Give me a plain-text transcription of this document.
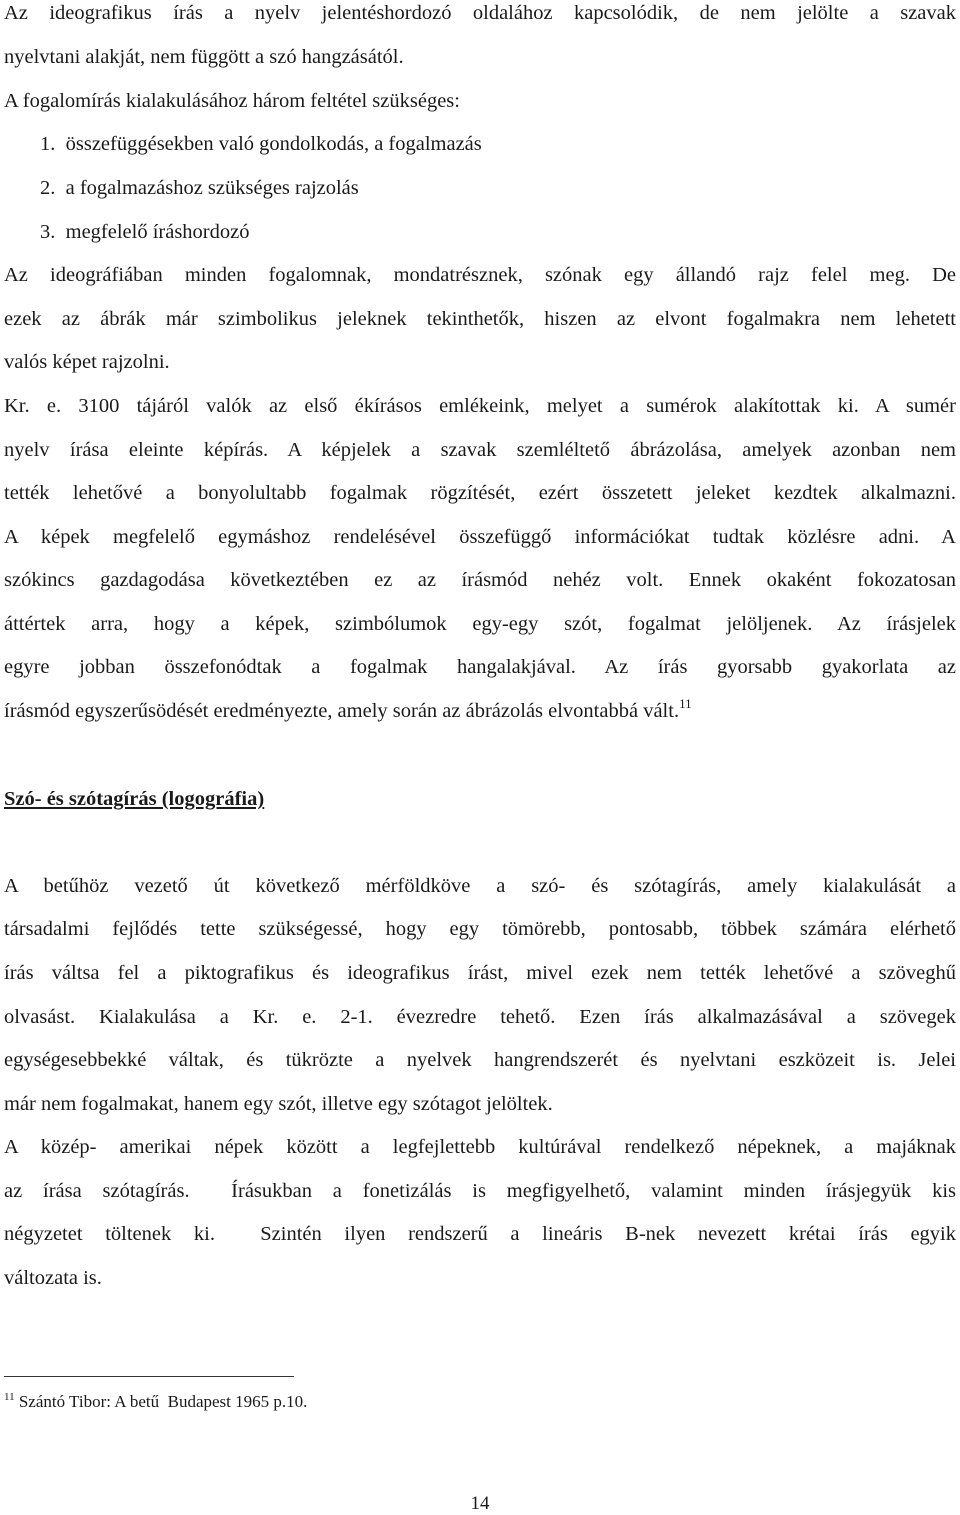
Az ideografikus írás a nyelv jelentéshordozó oldalához kapcsolódik, de nem jelölte a szavak
nyelvtani alakját, nem függött a szó hangzásától.
A fogalomírás kialakulásához három feltétel szükséges:
1.  összefüggésekben való gondolkodás, a fogalmazás
2.  a fogalmazáshoz szükséges rajzolás
3.  megfelelő íráshordozó
Az ideográfiában minden fogalomnak, mondatrésznek, szónak egy állandó rajz felel meg. De
ezek az ábrák már szimbolikus jeleknek tekinthetők, hiszen az elvont fogalmakra nem lehetett
valós képet rajzolni.
Kr. e. 3100 tájáról valók az első ékírásos emlékeink, melyet a sumérok alakítottak ki. A sumér
nyelv írása eleinte képírás. A képjelek a szavak szemléltető ábrázolása, amelyek azonban nem
tették lehetővé a bonyolultabb fogalmak rögzítését, ezért összetett jeleket kezdtek alkalmazni.
A képek megfelelő egymáshoz rendelésével összefüggő információkat tudtak közlésre adni. A
szókincs gazdagodása következtében ez az írásmód nehéz volt. Ennek okaként fokozatosan
áttértek arra, hogy a képek, szimbólumok egy-egy szót, fogalmat jelöljenek. Az írásjelek
egyre jobban összefonódtak a fogalmak hangalakjával. Az írás gyorsabb gyakorlata az
írásmód egyszerűsödését eredményezte, amely során az ábrázolás elvontabbá vált.$^{11}$
Szó- és szótagírás (logográfia)
A betűhöz vezető út következő mérföldköve a szó- és szótagírás, amely kialakulását a
társadalmi fejlődés tette szükségessé, hogy egy tömörebb, pontosabb, többek számára elérhető
írás váltsa fel a piktografikus és ideografikus írást, mivel ezek nem tették lehetővé a szöveghű
olvasást. Kialakulása a Kr. e. 2-1. évezredre tehető. Ezen írás alkalmazásával a szövegek
egységesebbekké váltak, és tükrözte a nyelvek hangrendszerét és nyelvtani eszközeit is. Jelei
már nem fogalmakat, hanem egy szót, illetve egy szótagot jelöltek.
A közép- amerikai népek között a legfejlettebb kultúrával rendelkező népeknek, a majáknak
az írása szótagírás.  Írásukban a fonetizálás is megfigyelhető, valamint minden írásjegyük kis
négyzetet töltenek ki.  Szintén ilyen rendszerű a lineáris B-nek nevezett krétai írás egyik
változata is.
$^{11}$ Szántó Tibor: A betű  Budapest 1965 p.10.
14
